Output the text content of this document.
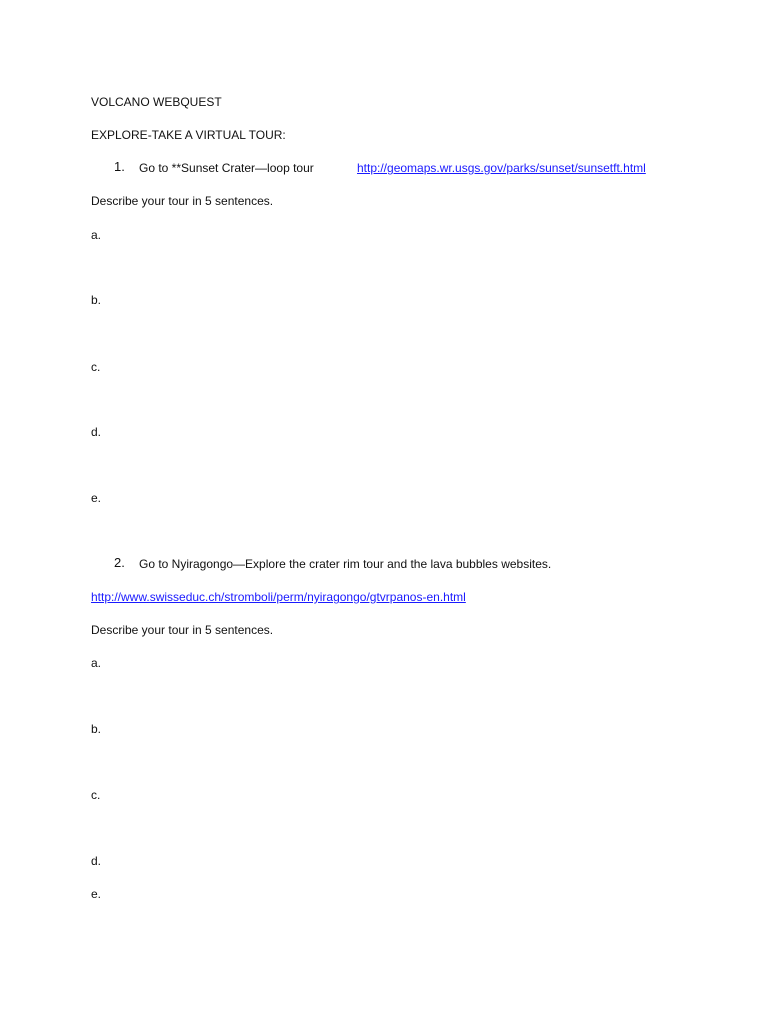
VOLCANO WEBQUEST
EXPLORE-TAKE A VIRTUAL TOUR:
1. Go to **Sunset Crater—loop tour	http://geomaps.wr.usgs.gov/parks/sunset/sunsetft.html
Describe your tour in 5 sentences.
a.
b.
c.
d.
e.
2. Go to Nyiragongo—Explore the crater rim tour and the lava bubbles websites.
http://www.swisseduc.ch/stromboli/perm/nyiragongo/gtvrpanos-en.html
Describe your tour in 5 sentences.
a.
b.
c.
d.
e.
